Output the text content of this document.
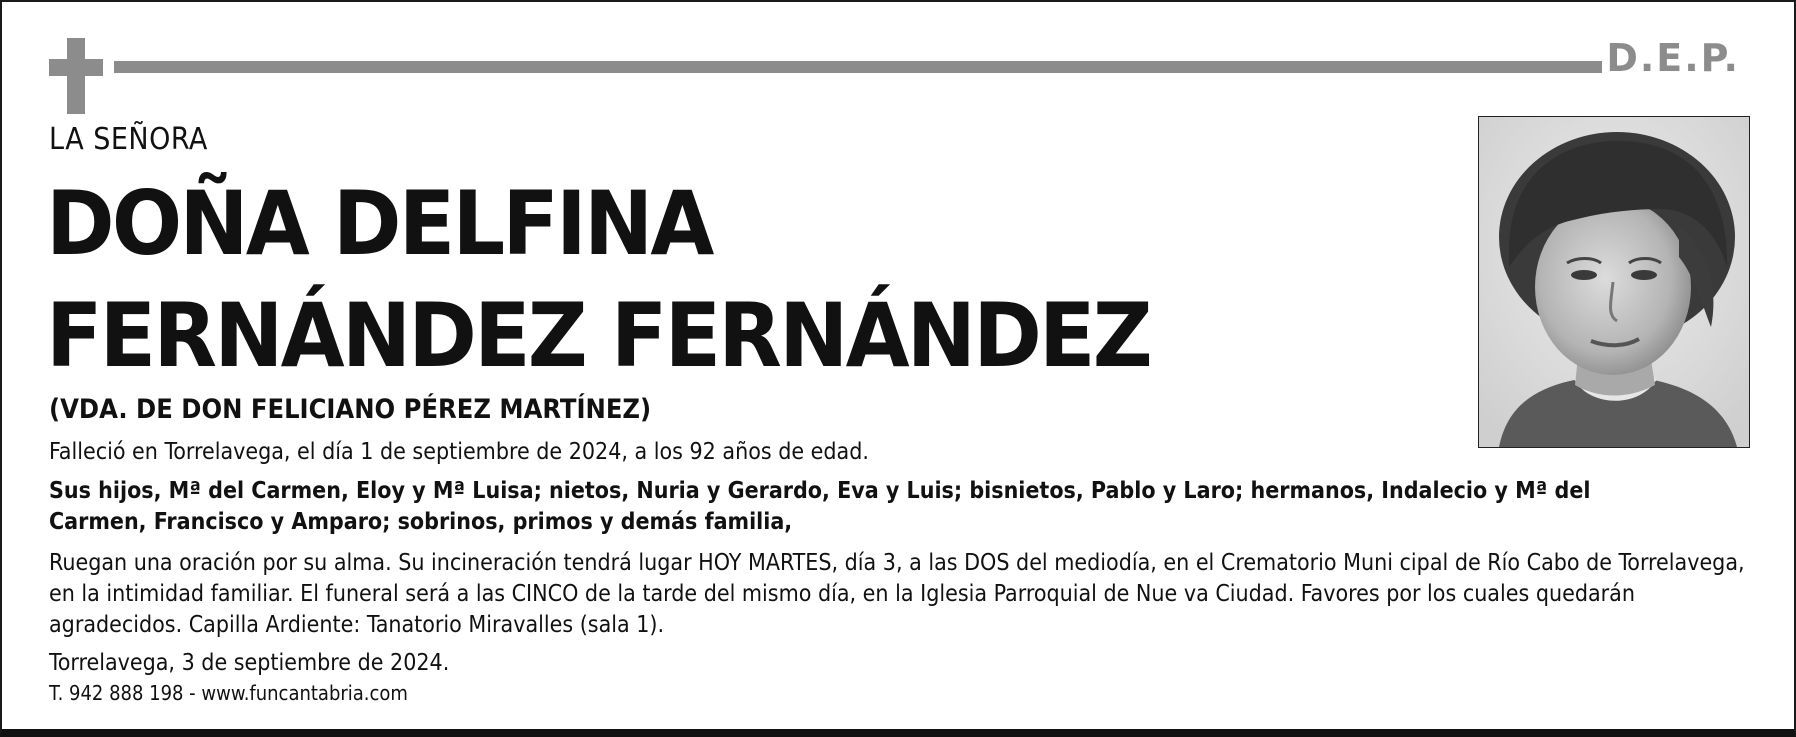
D.E.P.
LA SEÑORA
DOÑA DELFINA
FERNÁNDEZ FERNÁNDEZ
(VDA. DE DON FELICIANO PÉREZ MARTÍNEZ)
Falleció en Torrelavega, el día 1 de septiembre de 2024, a los 92 años de edad.
Sus hijos, Mª del Carmen, Eloy y Mª Luisa; nietos, Nuria y Gerardo, Eva y Luis; bisnietos, Pablo y Laro; hermanos, Indalecio y Mª del Carmen, Francisco y Amparo; sobrinos, primos y demás familia,
Ruegan una oración por su alma. Su incineración tendrá lugar HOY MARTES, día 3, a las DOS del mediodía, en el Crematorio Muni cipal de Río Cabo de Torrelavega, en la intimidad familiar. El funeral será a las CINCO de la tarde del mismo día, en la Iglesia Parroquial de Nue va Ciudad. Favores por los cuales quedarán agradecidos. Capilla Ardiente: Tanatorio Miravalles (sala 1).
Torrelavega, 3 de septiembre de 2024.
T. 942 888 198 - www.funcantabria.com
